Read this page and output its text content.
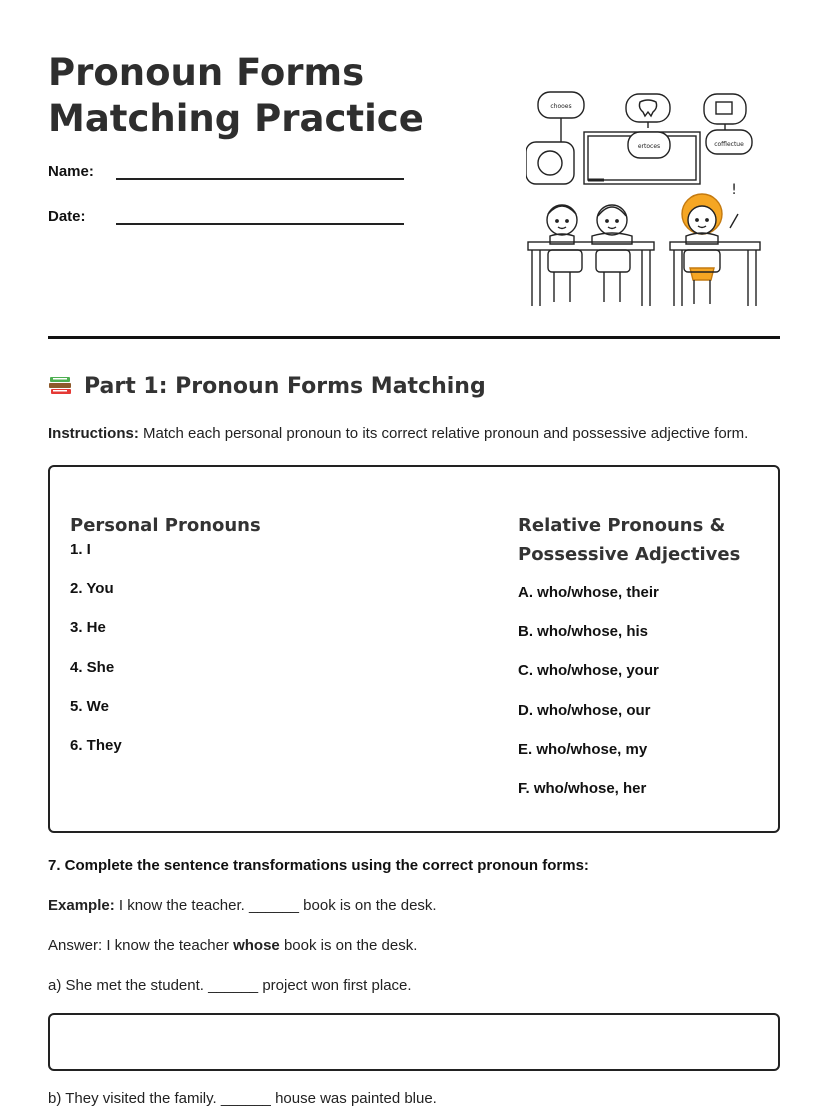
Pronoun Forms
Matching Practice
Name:
Date:
chooes
ertoces	cofflectue
!
Part 1: Pronoun Forms Matching
Instructions: Match each personal pronoun to its correct relative pronoun and possessive adjective form.
Personal Pronouns
1. I
2. You
3. He
4. She
5. We
6. They
Relative Pronouns &
Possessive Adjectives
A. who/whose, their
B. who/whose, his
C. who/whose, your
D. who/whose, our
E. who/whose, my
F. who/whose, her
7. Complete the sentence transformations using the correct pronoun forms:
Example: I know the teacher. ______ book is on the desk.
Answer: I know the teacher whose book is on the desk.
a) She met the student. ______ project won first place.
b) They visited the family. ______ house was painted blue.
